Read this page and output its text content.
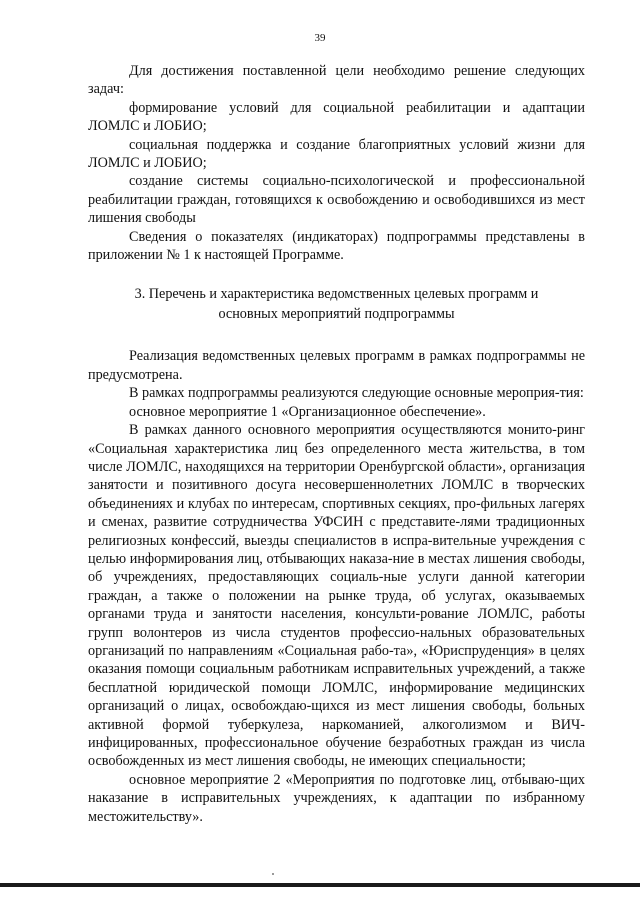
39

Для достижения поставленной цели необходимо решение следующих задач:

формирование условий для социальной реабилитации и адаптации ЛОМЛС и ЛОБИО;

социальная поддержка и создание благоприятных условий жизни для ЛОМЛС и ЛОБИО;

создание системы социально-психологической и профессиональной реабилитации граждан, готовящихся к освобождению и освободившихся из мест лишения свободы

Сведения о показателях (индикаторах) подпрограммы представлены в приложении № 1 к настоящей Программе.

3. Перечень и характеристика ведомственных целевых программ и
основных мероприятий подпрограммы

Реализация ведомственных целевых программ в рамках подпрограммы не предусмотрена.

В рамках подпрограммы реализуются следующие основные мероприя-тия:

основное мероприятие 1 «Организационное обеспечение».

В рамках данного основного мероприятия осуществляются монито-ринг «Социальная характеристика лиц без определенного места жительства, в том числе ЛОМЛС, находящихся на территории Оренбургской области», организация занятости и позитивного досуга несовершеннолетних ЛОМЛС в творческих объединениях и клубах по интересам, спортивных секциях, про-фильных лагерях и сменах, развитие сотрудничества УФСИН с представите-лями традиционных религиозных конфессий, выезды специалистов в испра-вительные учреждения с целью информирования лиц, отбывающих наказа-ние в местах лишения свободы, об учреждениях, предоставляющих социаль-ные услуги данной категории граждан, а также о положении на рынке труда, об услугах, оказываемых органами труда и занятости населения, консульти-рование ЛОМЛС, работы групп волонтеров из числа студентов профессио-нальных образовательных организаций по направлениям «Социальная рабо-та», «Юриспруденция» в целях оказания помощи социальным работникам исправительных учреждений, а также бесплатной юридической помощи ЛОМЛС, информирование медицинских организаций о лицах, освобождаю-щихся из мест лишения свободы, больных активной формой туберкулеза, наркоманией, алкоголизмом и ВИЧ-инфицированных, профессиональное обучение безработных граждан из числа освобожденных из мест лишения свободы, не имеющих специальности;

основное мероприятие 2 «Мероприятия по подготовке лиц, отбываю-щих наказание в исправительных учреждениях, к адаптации по избранному местожительству».
